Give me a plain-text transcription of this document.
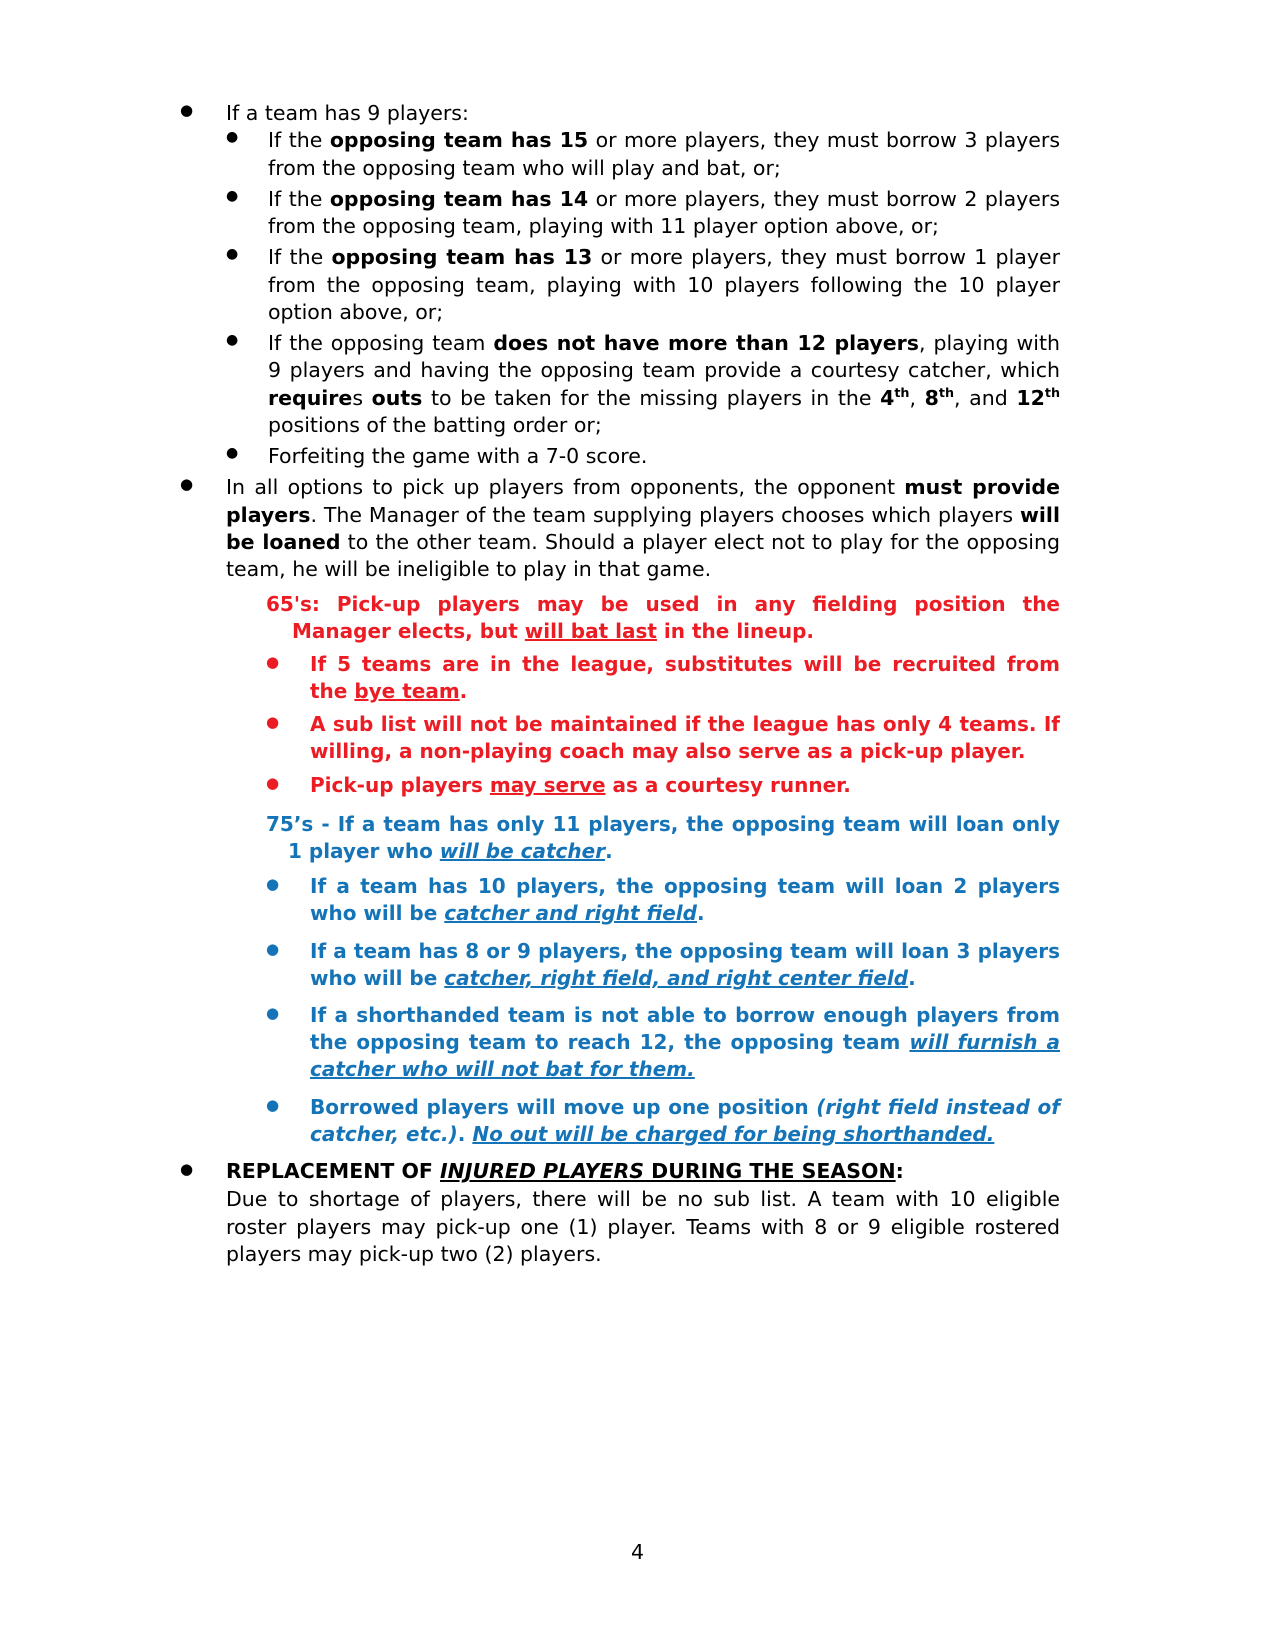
● If a team has 9 players:
● If the opposing team has 15 or more players, they must borrow 3 players from the opposing team who will play and bat, or;
● If the opposing team has 14 or more players, they must borrow 2 players from the opposing team, playing with 11 player option above, or;
● If the opposing team has 13 or more players, they must borrow 1 player from the opposing team, playing with 10 players following the 10 player option above, or;
● If the opposing team does not have more than 12 players, playing with 9 players and having the opposing team provide a courtesy catcher, which requires outs to be taken for the missing players in the 4th, 8th, and 12th positions of the batting order or;
● Forfeiting the game with a 7-0 score.
● In all options to pick up players from opponents, the opponent must provide players. The Manager of the team supplying players chooses which players will be loaned to the other team. Should a player elect not to play for the opposing team, he will be ineligible to play in that game.
65's: Pick-up players may be used in any fielding position the Manager elects, but will bat last in the lineup.
● If 5 teams are in the league, substitutes will be recruited from the bye team.
● A sub list will not be maintained if the league has only 4 teams. If willing, a non-playing coach may also serve as a pick-up player.
● Pick-up players may serve as a courtesy runner.
75’s - If a team has only 11 players, the opposing team will loan only 1 player who will be catcher.
● If a team has 10 players, the opposing team will loan 2 players who will be catcher and right field.
● If a team has 8 or 9 players, the opposing team will loan 3 players who will be catcher, right field, and right center field.
● If a shorthanded team is not able to borrow enough players from the opposing team to reach 12, the opposing team will furnish a catcher who will not bat for them.
● Borrowed players will move up one position (right field instead of catcher, etc.). No out will be charged for being shorthanded.
● REPLACEMENT OF INJURED PLAYERS DURING THE SEASON:
Due to shortage of players, there will be no sub list. A team with 10 eligible roster players may pick-up one (1) player. Teams with 8 or 9 eligible rostered players may pick-up two (2) players.
4
